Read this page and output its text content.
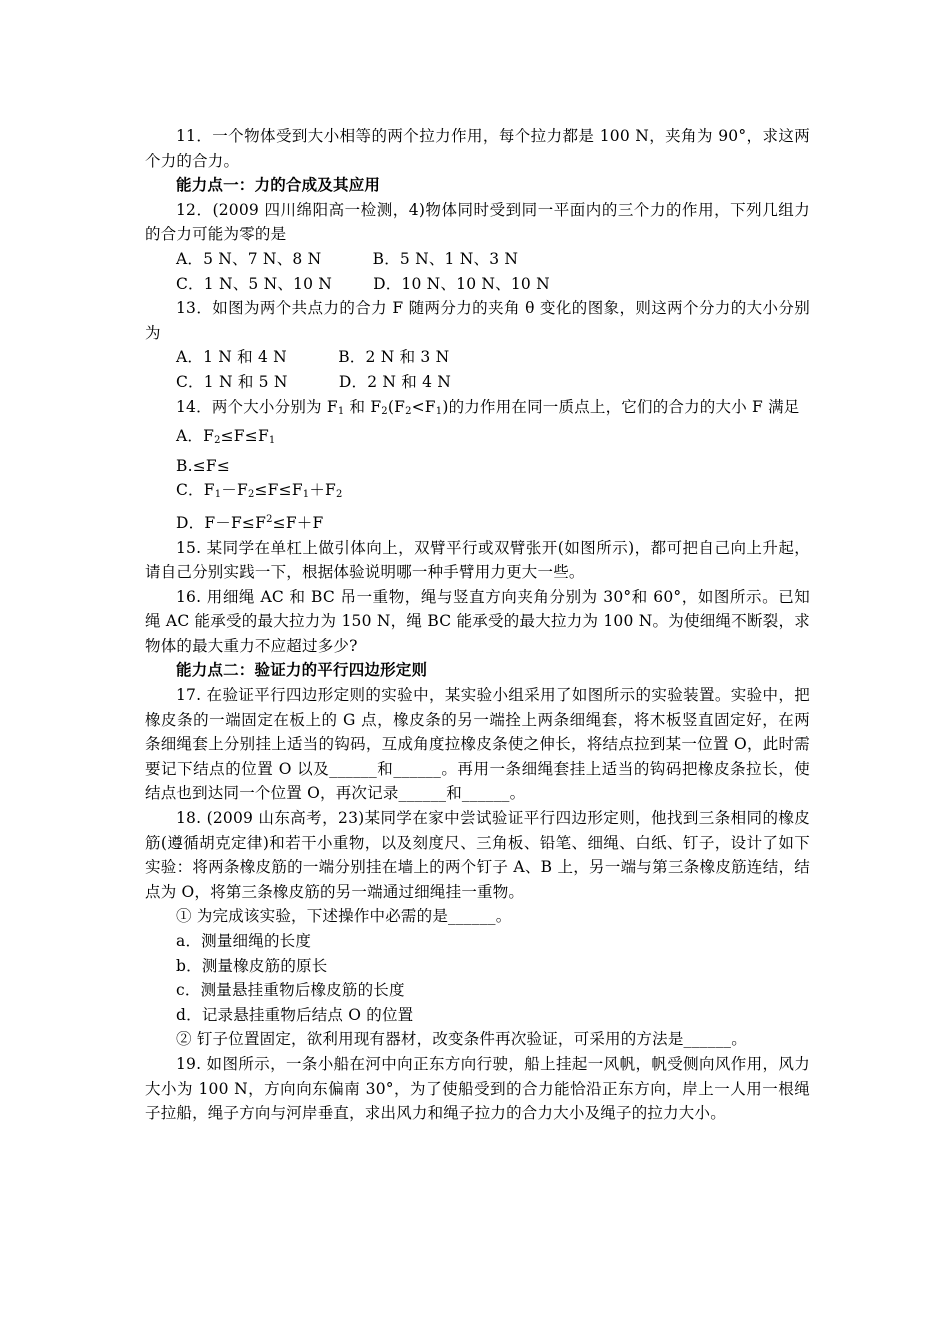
11．一个物体受到大小相等的两个拉力作用，每个拉力都是 100 N，夹角为 90°，求这两个力的合力。

能力点一：力的合成及其应用

12．(2009 四川绵阳高一检测，4)物体同时受到同一平面内的三个力的作用，下列几组力的合力可能为零的是

A．5 N、7 N、8 N          B．5 N、1 N、3 N

C．1 N、5 N、10 N        D．10 N、10 N、10 N

13．如图为两个共点力的合力 F 随两分力的夹角 θ 变化的图象，则这两个分力的大小分别为

A．1 N 和 4 N          B．2 N 和 3 N

C．1 N 和 5 N          D．2 N 和 4 N

14．两个大小分别为 $F_1$ 和 $F_2(F_2<F_1)$的力作用在同一质点上，它们的合力的大小 F 满足

A．$F_2\le F\le F_1$

B.≤F≤

C．$F_1-F_2\le F\le F_1+F_2$

D．$F-F\le F^2\le F+F$

15. 某同学在单杠上做引体向上，双臂平行或双臂张开(如图所示)，都可把自己向上升起，请自己分别实践一下，根据体验说明哪一种手臂用力更大一些。

16. 用细绳 AC 和 BC 吊一重物，绳与竖直方向夹角分别为 30°和 60°，如图所示。已知绳 AC 能承受的最大拉力为 150 N，绳 BC 能承受的最大拉力为 100 N。为使细绳不断裂，求物体的最大重力不应超过多少?

能力点二：验证力的平行四边形定则

17. 在验证平行四边形定则的实验中，某实验小组采用了如图所示的实验装置。实验中，把橡皮条的一端固定在板上的 G 点，橡皮条的另一端拴上两条细绳套，将木板竖直固定好，在两条细绳套上分别挂上适当的钩码，互成角度拉橡皮条使之伸长，将结点拉到某一位置 O，此时需要记下结点的位置 O 以及______和______。再用一条细绳套挂上适当的钩码把橡皮条拉长，使结点也到达同一个位置 O，再次记录______和______。

18. (2009 山东高考，23)某同学在家中尝试验证平行四边形定则，他找到三条相同的橡皮筋(遵循胡克定律)和若干小重物，以及刻度尺、三角板、铅笔、细绳、白纸、钉子，设计了如下实验：将两条橡皮筋的一端分别挂在墙上的两个钉子 A、B 上，另一端与第三条橡皮筋连结，结点为 O，将第三条橡皮筋的另一端通过细绳挂一重物。

① 为完成该实验，下述操作中必需的是______。

a．测量细绳的长度

b．测量橡皮筋的原长

c．测量悬挂重物后橡皮筋的长度

d．记录悬挂重物后结点 O 的位置

② 钉子位置固定，欲利用现有器材，改变条件再次验证，可采用的方法是______。

19. 如图所示，一条小船在河中向正东方向行驶，船上挂起一风帆，帆受侧向风作用，风力大小为 100 N，方向向东偏南 30°，为了使船受到的合力能恰沿正东方向，岸上一人用一根绳子拉船，绳子方向与河岸垂直，求出风力和绳子拉力的合力大小及绳子的拉力大小。
